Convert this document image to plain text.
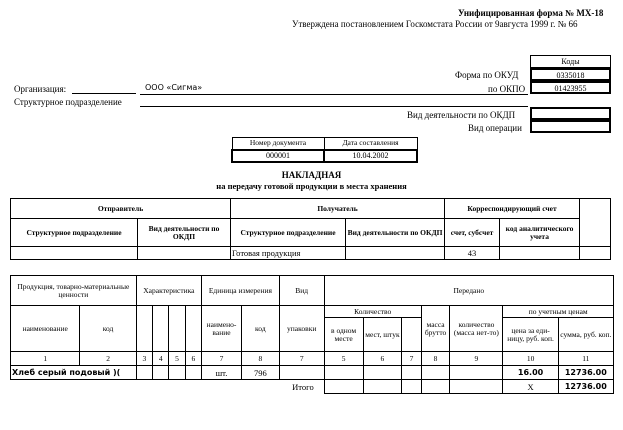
Унифицированная форма № МХ-18
Утверждена постановлением Госкомстата России от 9августа 1999 г. № 66
Коды
0335018
01423955
Форма по ОКУД
по ОКПО
Вид деятельности по ОКДП
Вид операции
Организация:	ООО «Сигма»
Структурное подразделение
Номер документа	Дата составления
000001	10.04.2002
НАКЛАДНАЯ
на передачу готовой продукции в места хранения
Отправитель		Получатель		Корреспондирующий счет		
Структурное подразделение	Вид деятельности по ОКДП	Структурное подразделение	Вид деятельности по ОКДП	счет, субсчет	код аналитического учета	
		Готовая продукция		43		
Продукция, товарно-материальные ценности		Характеристика				Единица измерения		Вид	Передано						
наименование	код					наимено-вание	код	упаковки	Количество			масса брутто	количество (масса нет-то)	по учетным ценам	
									в одном месте	мест, штук				цена за еди-ницу, руб. коп.	сумма, руб. коп.
1	2	3	4	5	6	7	8	7	5	6	7	8	9	10	11
Хлеб серый подовый )(						шт.	796							16.00	12736.00
Итого														X	12736.00
